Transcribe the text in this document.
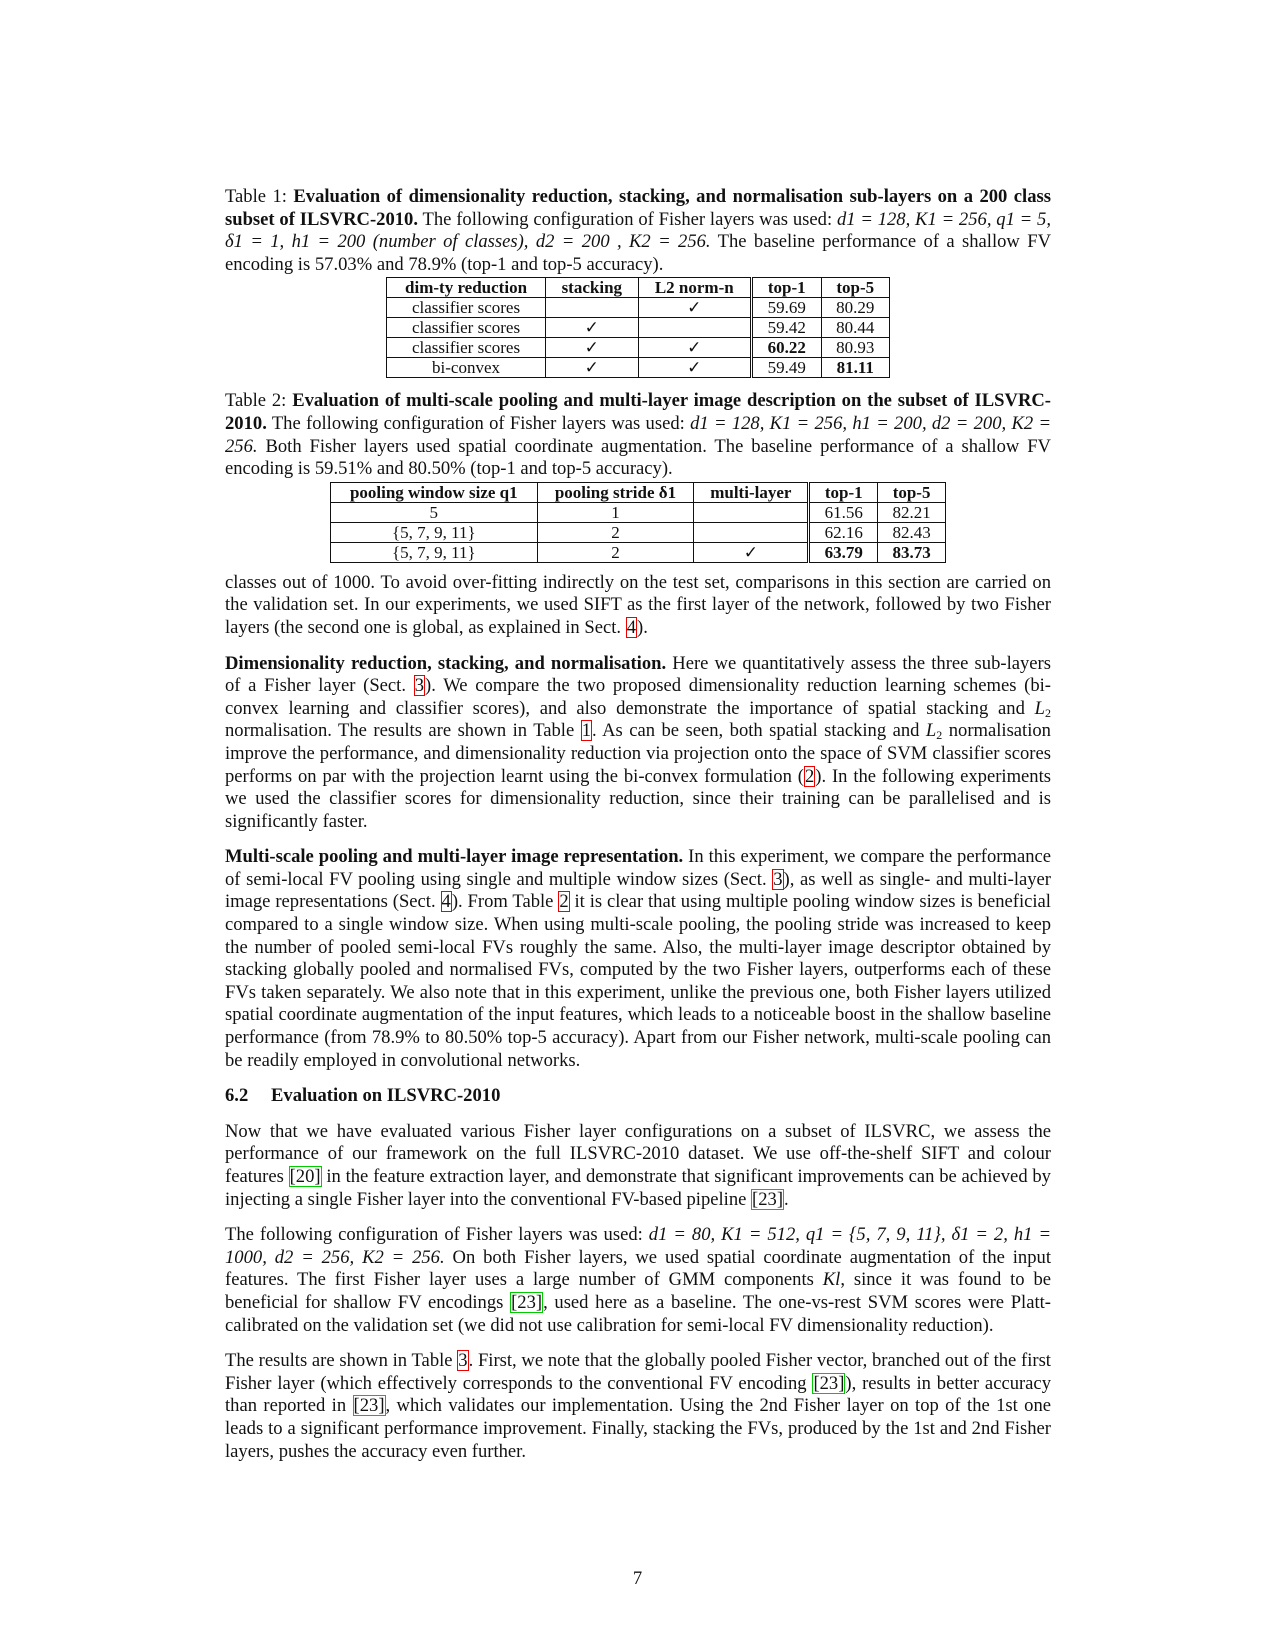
Table 1: Evaluation of dimensionality reduction, stacking, and normalisation sub-layers on a 200 class subset of ILSVRC-2010. The following configuration of Fisher layers was used: d1 = 128, K1 = 256, q1 = 5, δ1 = 1, h1 = 200 (number of classes), d2 = 200 , K2 = 256. The baseline performance of a shallow FV encoding is 57.03% and 78.9% (top-1 and top-5 accuracy).

dim-ty reduction	stacking	L2 norm-n	top-1	top-5
classifier scores		✓	59.69	80.29
classifier scores	✓		59.42	80.44
classifier scores	✓	✓	60.22	80.93
bi-convex	✓	✓	59.49	81.11

Table 2: Evaluation of multi-scale pooling and multi-layer image description on the subset of ILSVRC-2010. The following configuration of Fisher layers was used: d1 = 128, K1 = 256, h1 = 200, d2 = 200, K2 = 256. Both Fisher layers used spatial coordinate augmentation. The baseline performance of a shallow FV encoding is 59.51% and 80.50% (top-1 and top-5 accuracy).

pooling window size q1	pooling stride δ1	multi-layer	top-1	top-5
5	1		61.56	82.21
{5, 7, 9, 11}	2		62.16	82.43
{5, 7, 9, 11}	2	✓	63.79	83.73

classes out of 1000. To avoid over-fitting indirectly on the test set, comparisons in this section are carried on the validation set. In our experiments, we used SIFT as the first layer of the network, followed by two Fisher layers (the second one is global, as explained in Sect. 4).

Dimensionality reduction, stacking, and normalisation. Here we quantitatively assess the three sub-layers of a Fisher layer (Sect. 3). We compare the two proposed dimensionality reduction learning schemes (bi-convex learning and classifier scores), and also demonstrate the importance of spatial stacking and $L_2$ normalisation. The results are shown in Table 1. As can be seen, both spatial stacking and $L_2$ normalisation improve the performance, and dimensionality reduction via projection onto the space of SVM classifier scores performs on par with the projection learnt using the bi-convex formulation (2). In the following experiments we used the classifier scores for dimensionality reduction, since their training can be parallelised and is significantly faster.

Multi-scale pooling and multi-layer image representation. In this experiment, we compare the performance of semi-local FV pooling using single and multiple window sizes (Sect. 3), as well as single- and multi-layer image representations (Sect. 4). From Table 2 it is clear that using multiple pooling window sizes is beneficial compared to a single window size. When using multi-scale pooling, the pooling stride was increased to keep the number of pooled semi-local FVs roughly the same. Also, the multi-layer image descriptor obtained by stacking globally pooled and normalised FVs, computed by the two Fisher layers, outperforms each of these FVs taken separately. We also note that in this experiment, unlike the previous one, both Fisher layers utilized spatial coordinate augmentation of the input features, which leads to a noticeable boost in the shallow baseline performance (from 78.9% to 80.50% top-5 accuracy). Apart from our Fisher network, multi-scale pooling can be readily employed in convolutional networks.

6.2 Evaluation on ILSVRC-2010

Now that we have evaluated various Fisher layer configurations on a subset of ILSVRC, we assess the performance of our framework on the full ILSVRC-2010 dataset. We use off-the-shelf SIFT and colour features [20] in the feature extraction layer, and demonstrate that significant improvements can be achieved by injecting a single Fisher layer into the conventional FV-based pipeline [23].

The following configuration of Fisher layers was used: d1 = 80, K1 = 512, q1 = {5, 7, 9, 11}, δ1 = 2, h1 = 1000, d2 = 256, K2 = 256. On both Fisher layers, we used spatial coordinate augmentation of the input features. The first Fisher layer uses a large number of GMM components Kl, since it was found to be beneficial for shallow FV encodings [23], used here as a baseline. The one-vs-rest SVM scores were Platt-calibrated on the validation set (we did not use calibration for semi-local FV dimensionality reduction).

The results are shown in Table 3. First, we note that the globally pooled Fisher vector, branched out of the first Fisher layer (which effectively corresponds to the conventional FV encoding [23]), results in better accuracy than reported in [23], which validates our implementation. Using the 2nd Fisher layer on top of the 1st one leads to a significant performance improvement. Finally, stacking the FVs, produced by the 1st and 2nd Fisher layers, pushes the accuracy even further.

7
